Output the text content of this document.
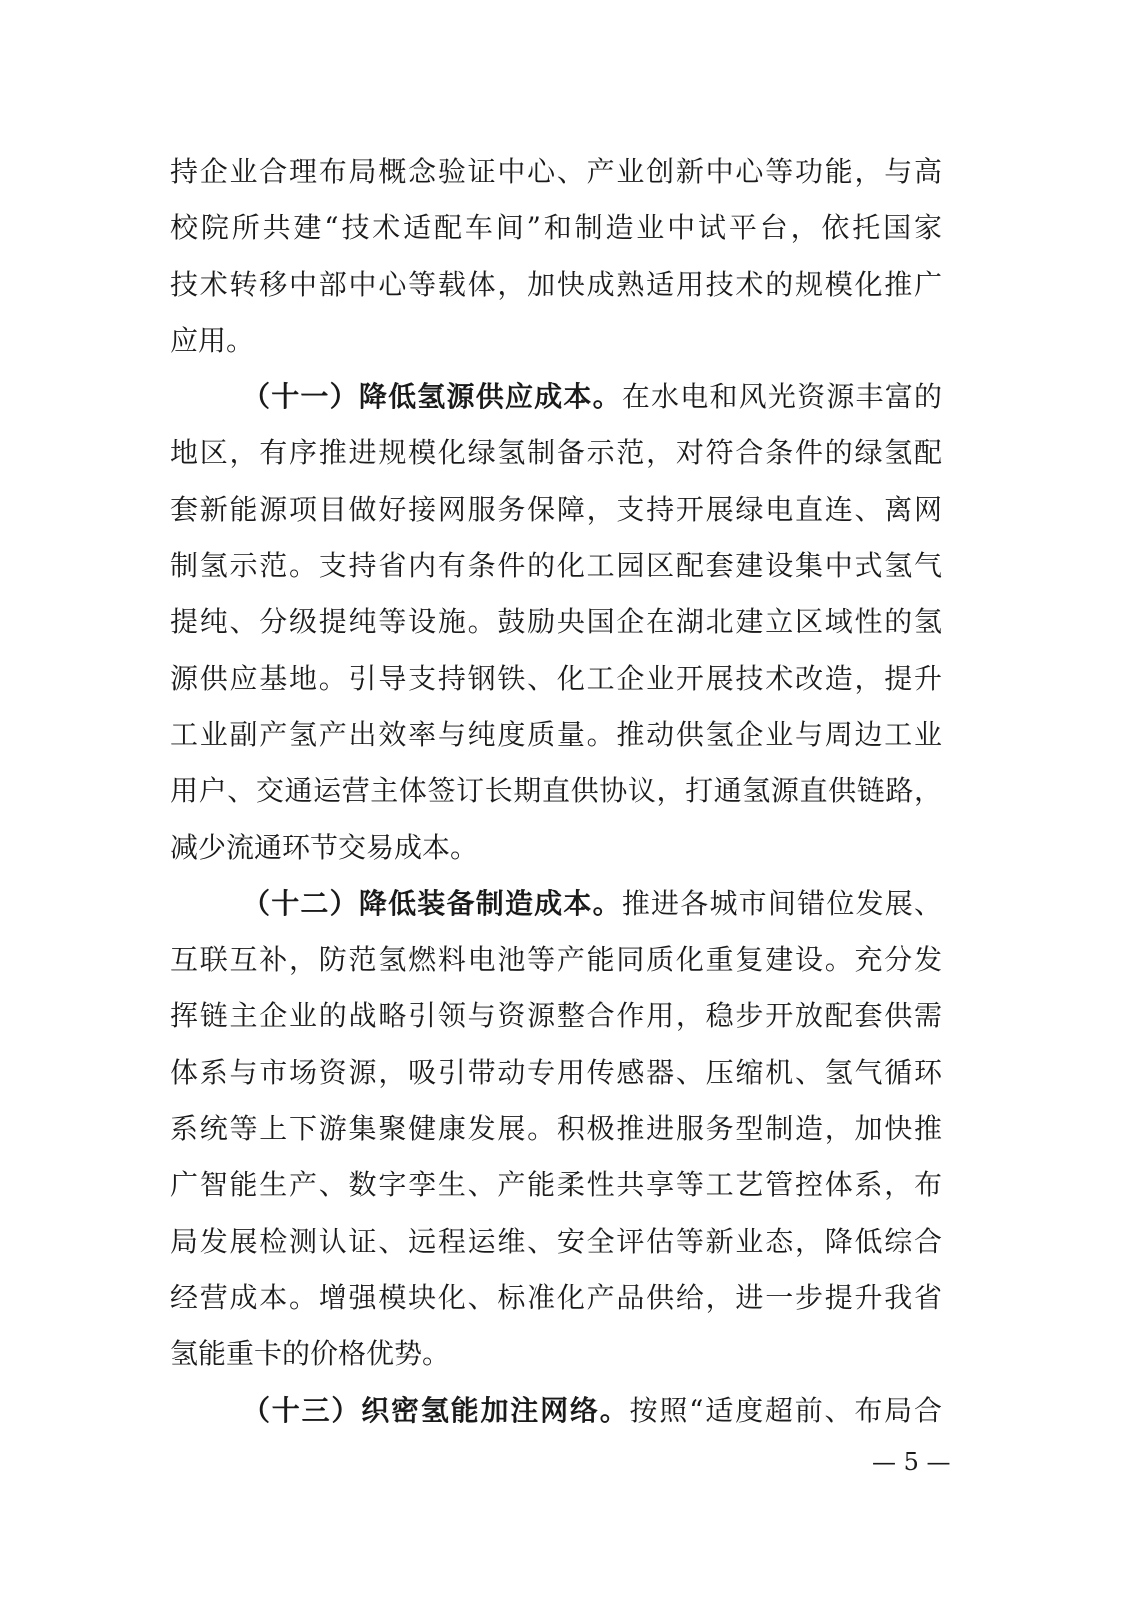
持企业合理布局概念验证中心、产业创新中心等功能，与高
校院所共建“技术适配车间”和制造业中试平台，依托国家
技术转移中部中心等载体，加快成熟适用技术的规模化推广
应用。
（十一）降低氢源供应成本。在水电和风光资源丰富的
地区，有序推进规模化绿氢制备示范，对符合条件的绿氢配
套新能源项目做好接网服务保障，支持开展绿电直连、离网
制氢示范。支持省内有条件的化工园区配套建设集中式氢气
提纯、分级提纯等设施。鼓励央国企在湖北建立区域性的氢
源供应基地。引导支持钢铁、化工企业开展技术改造，提升
工业副产氢产出效率与纯度质量。推动供氢企业与周边工业
用户、交通运营主体签订长期直供协议，打通氢源直供链路，
减少流通环节交易成本。
（十二）降低装备制造成本。推进各城市间错位发展、
互联互补，防范氢燃料电池等产能同质化重复建设。充分发
挥链主企业的战略引领与资源整合作用，稳步开放配套供需
体系与市场资源，吸引带动专用传感器、压缩机、氢气循环
系统等上下游集聚健康发展。积极推进服务型制造，加快推
广智能生产、数字孪生、产能柔性共享等工艺管控体系，布
局发展检测认证、远程运维、安全评估等新业态，降低综合
经营成本。增强模块化、标准化产品供给，进一步提升我省
氢能重卡的价格优势。
（十三）织密氢能加注网络。按照“适度超前、布局合
— 5 —
